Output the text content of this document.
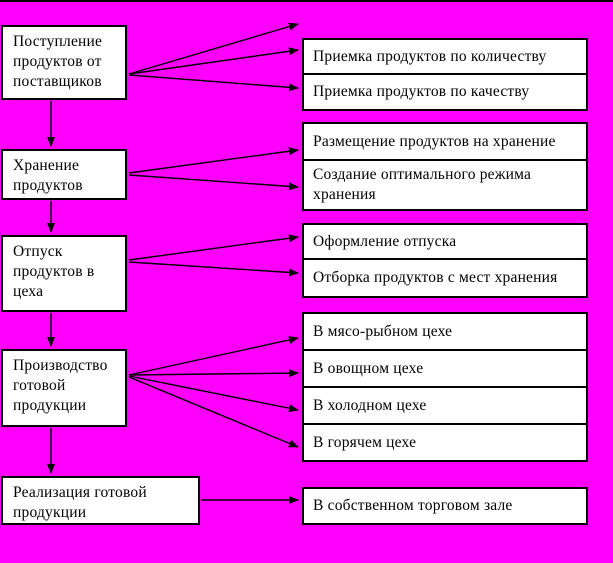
Поступление продуктов от поставщиков
Хранение продуктов
Отпуск продуктов в цеха
Производство готовой продукции
Реализация готовой продукции
Приемка продуктов по количеству
Приемка продуктов по качеству
Размещение продуктов на хранение
Создание оптимального режима хранения
Оформление отпуска
Отборка продуктов с мест хранения
В мясо-рыбном цехе
В овощном цехе
В холодном цехе
В горячем цехе
В собственном торговом зале
